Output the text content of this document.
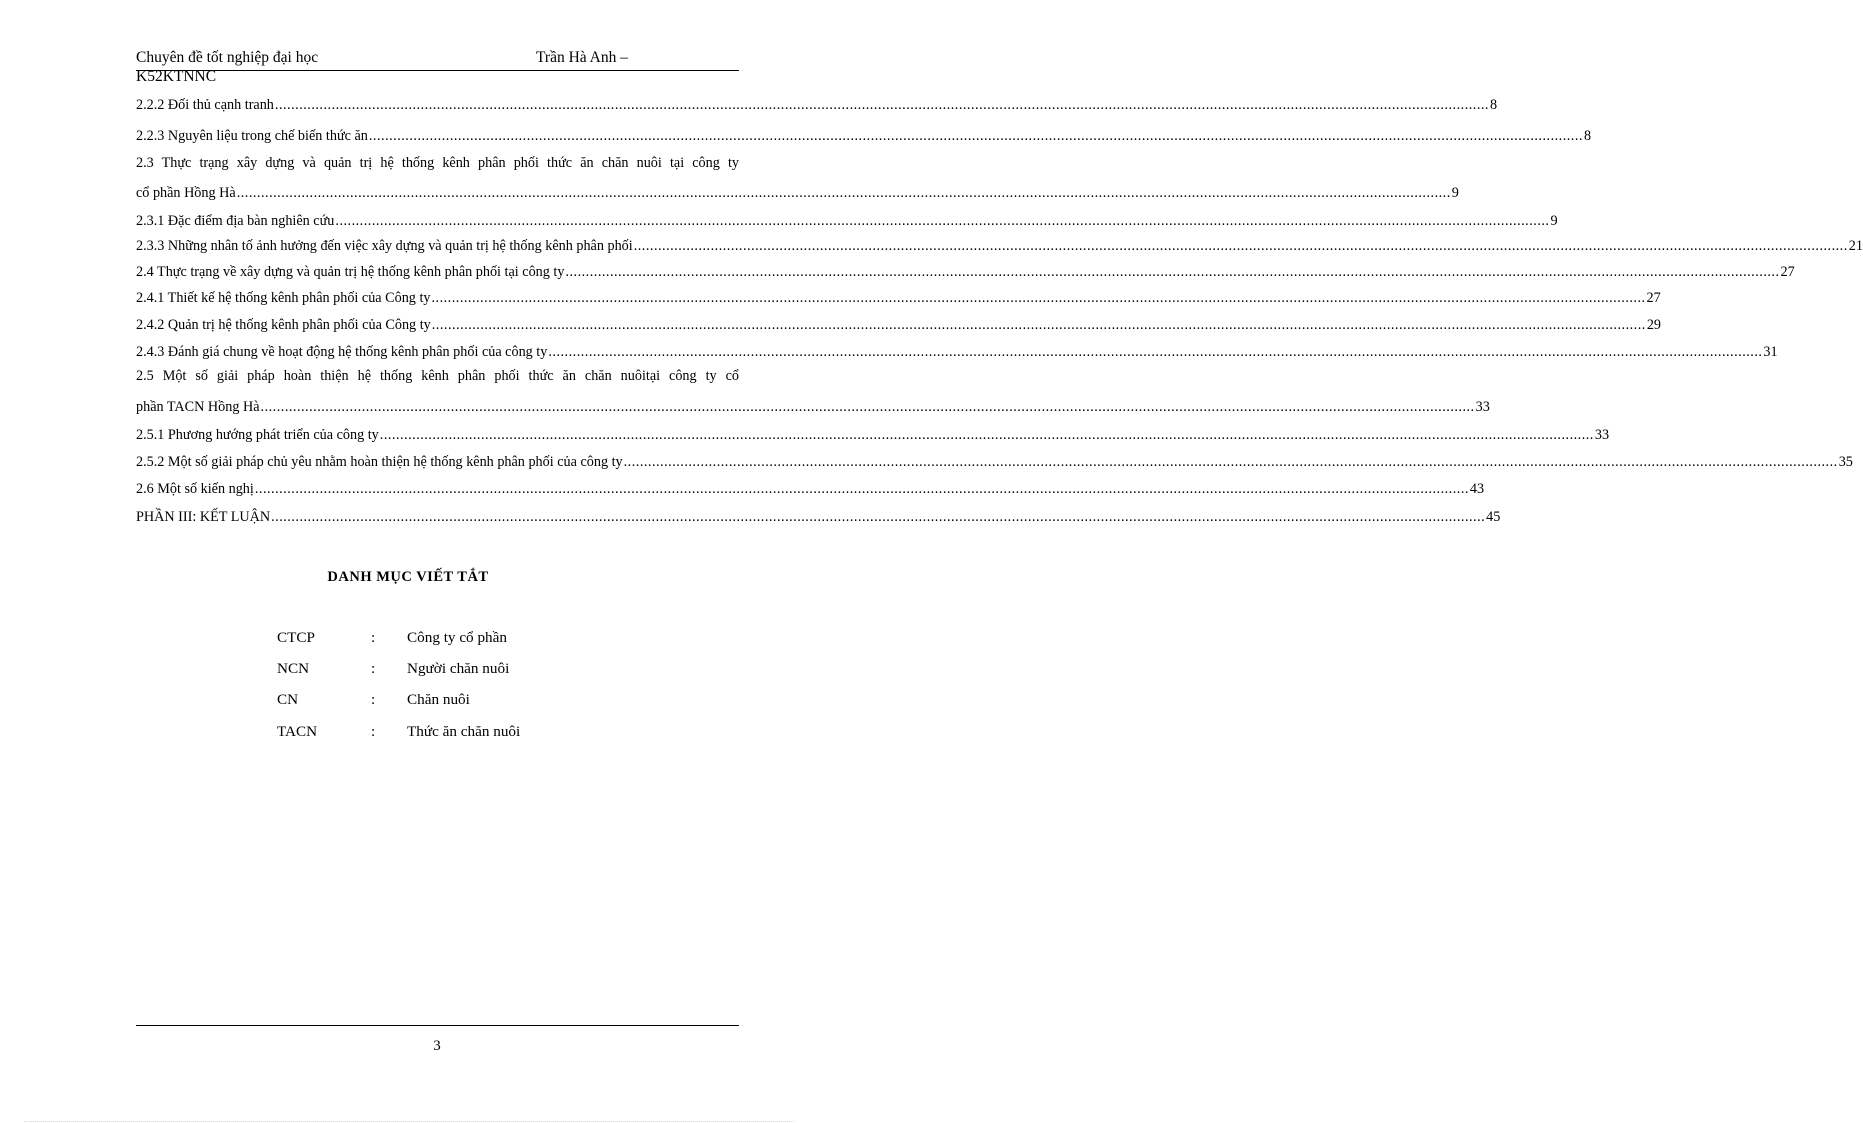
Chuyên đề tốt nghiệp đại học	Trần Hà Anh –
K52KTNNC
2.2.2 Đối thủ cạnh tranh ............................................................................................................................................................................................................................................................................................................ 8
2.2.3 Nguyên liệu trong chế biến thức ăn ............................................................................................................................................................................................................................................................................................................ 8
2.3 Thực trạng xây dựng và quản trị hệ thống kênh phân phối thức ăn chăn nuôi tại công ty
cổ phần Hồng Hà ............................................................................................................................................................................................................................................................................................................ 9
2.3.1 Đặc điểm địa bàn nghiên cứu ............................................................................................................................................................................................................................................................................................................ 9
2.3.3 Những nhân tố ảnh hưởng đến việc xây dựng và quản trị hệ thống kênh phân phối ............................................................................................................................................................................................................................................................................................................ 21
2.4 Thực trạng về xây dựng và quản trị hệ thống kênh phân phối tại công ty ............................................................................................................................................................................................................................................................................................................ 27
2.4.1 Thiết kế hệ thống kênh phân phối của Công ty ............................................................................................................................................................................................................................................................................................................ 27
2.4.2 Quản trị hệ thống kênh phân phối của Công ty ............................................................................................................................................................................................................................................................................................................ 29
2.4.3 Đánh giá chung về hoạt động hệ thống kênh phân phối của công ty ............................................................................................................................................................................................................................................................................................................ 31
2.5 Một số giải pháp hoàn thiện hệ thống kênh phân phối thức ăn chăn nuôitại công ty cổ
phần TACN Hồng Hà ............................................................................................................................................................................................................................................................................................................ 33
2.5.1 Phương hướng phát triển của công ty ............................................................................................................................................................................................................................................................................................................ 33
2.5.2 Một số giải pháp chủ yêu nhằm hoàn thiện hệ thống kênh phân phối của công ty ............................................................................................................................................................................................................................................................................................................ 35
2.6 Một số kiến nghị ............................................................................................................................................................................................................................................................................................................ 43
PHẦN III: KẾT LUẬN ............................................................................................................................................................................................................................................................................................................ 45
DANH MỤC VIẾT TẮT
CTCP	: Công ty cổ phần
NCN	: Người chăn nuôi
CN	: Chăn nuôi
TACN	: Thức ăn chăn nuôi
3
